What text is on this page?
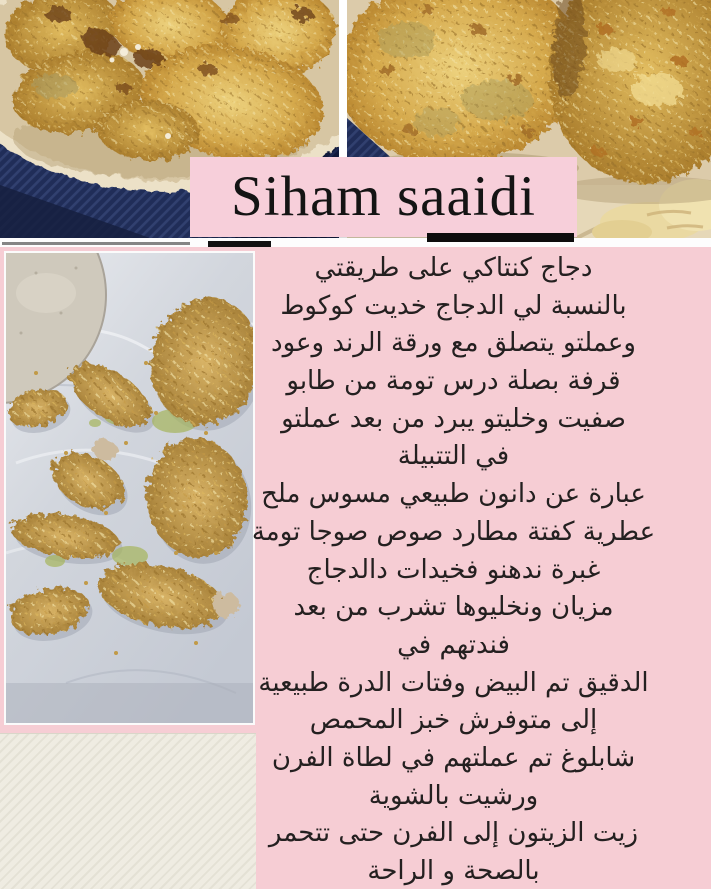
Siham saaidi
دجاج كنتاكي على طريقتي
بالنسبة لي الدجاج خديت كوكوط
وعملتو يتصلق مع ورقة الرند وعود
قرفة بصلة درس تومة من طابو
صفيت وخليتو يبرد من بعد عملتو
في التتبيلة
عبارة عن دانون طبيعي مسوس ملح
عطرية كفتة مطارد صوص صوجا تومة
غبرة ندهنو فخيدات دالدجاج
مزيان ونخليوها تشرب من بعد
فندتهم في
الدقيق تم البيض وفتات الدرة طبيعية
إلى متوفرش خبز المحمص
شابلوغ تم عملتهم في لطاة الفرن
ورشيت بالشوية
زيت الزيتون إلى الفرن حتى تتحمر
بالصحة و الراحة
